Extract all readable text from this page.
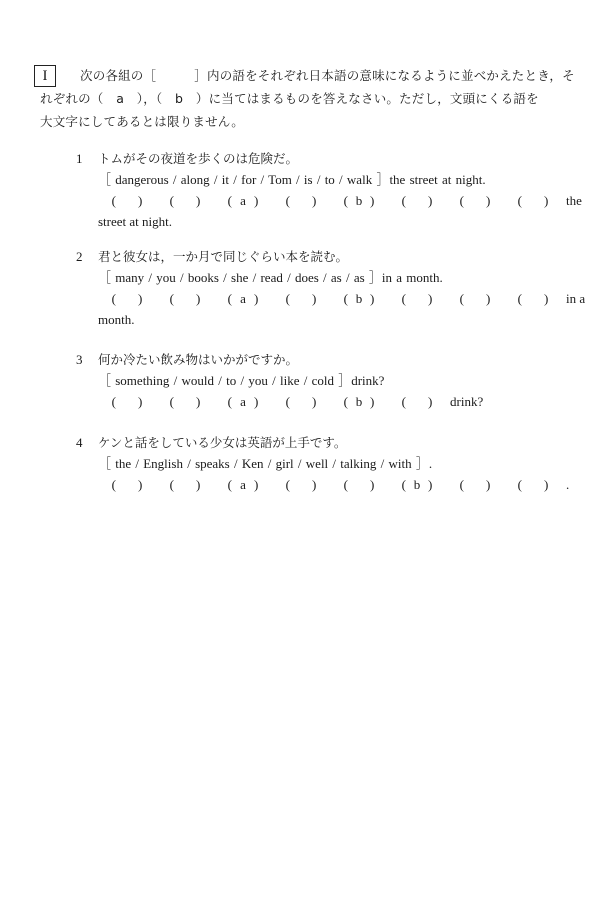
I	次の各組の［　　　］内の語をそれぞれ日本語の意味になるように並べかえたとき，そ
れぞれの（　a　），（　b　）に当てはまるものを答えなさい。ただし，文頭にくる語を
大文字にしてあるとは限りません。
1 トムがその夜道を歩くのは危険だ。
［ dangerous / along / it / for / Tom / is / to / walk ］the street at night.
( )	( )	( a )	( )	( b )	( )	( )	( )	the
street at night.
2 君と彼女は，一か月で同じぐらい本を読む。
［ many / you / books / she / read / does / as / as ］in a month.
( )	( )	( a )	( )	( b )	( )	( )	( )	in a
month.
3 何か冷たい飲み物はいかがですか。
［ something / would / to / you / like / cold ］drink?
( )	( )	( a )	( )	( b )	( )	drink?
4 ケンと話をしている少女は英語が上手です。
［ the / English / speaks / Ken / girl / well / talking / with ］.
( )	( )	( a )	( )	( )	( b )	( )	( )	.
